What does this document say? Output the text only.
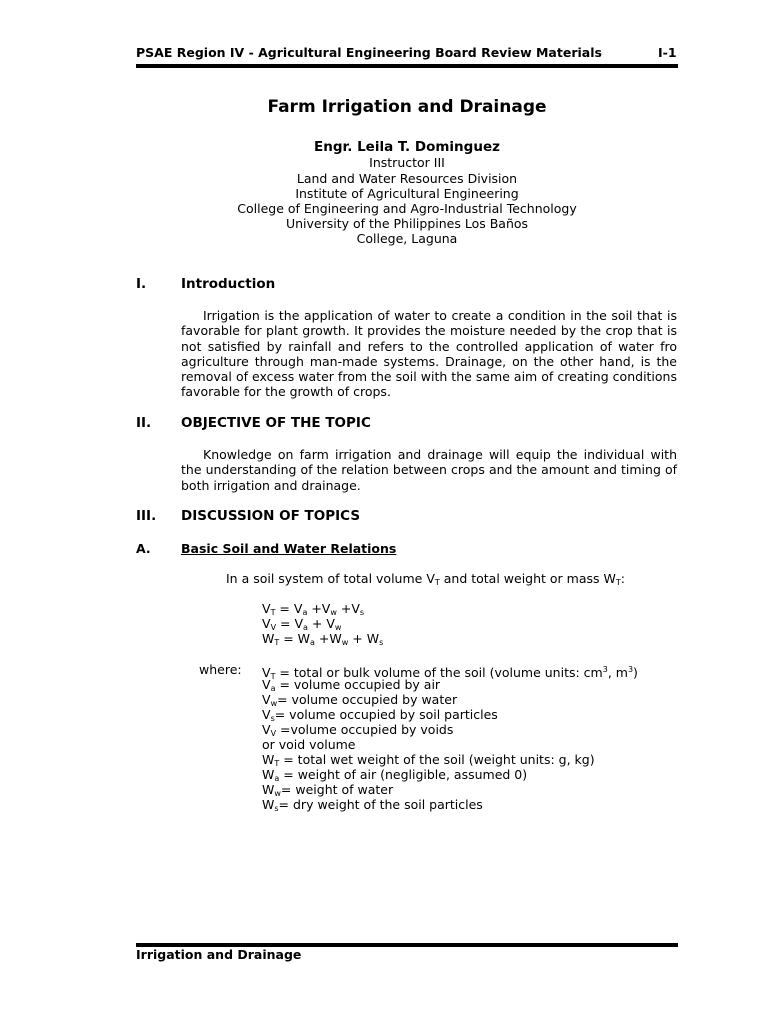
PSAE Region IV - Agricultural Engineering Board Review Materials	I-1
Farm Irrigation and Drainage
Engr. Leila T. Dominguez
Instructor III
Land and Water Resources Division
Institute of Agricultural Engineering
College of Engineering and Agro-Industrial Technology
University of the Philippines Los Baños
College, Laguna
I.	Introduction
Irrigation is the application of water to create a condition in the soil that is favorable for plant growth. It provides the moisture needed by the crop that is not satisfied by rainfall and refers to the controlled application of water fro agriculture through man-made systems. Drainage, on the other hand, is the removal of excess water from the soil with the same aim of creating conditions favorable for the growth of crops.
II. OBJECTIVE OF THE TOPIC
Knowledge on farm irrigation and drainage will equip the individual with the understanding of the relation between crops and the amount and timing of both irrigation and drainage.
III. DISCUSSION OF TOPICS
A. Basic Soil and Water Relations
In a soil system of total volume $V_T$ and total weight or mass $W_T$:
$V_T = V_a +V_w +V_s$
$V_V = V_a + V_w$
$W_T = W_a +W_w + W_s$
where: $V_T$ = total or bulk volume of the soil (volume units: $cm^3$, $m^3$)
$V_a$ = volume occupied by air
$V_w=$ volume occupied by water
$V_s=$ volume occupied by soil particles
$V_V$ =volume occupied by voids
or void volume
$W_T$ = total wet weight of the soil (weight units: g, kg)
$W_a$ = weight of air (negligible, assumed 0)
$W_w=$ weight of water
$W_s=$ dry weight of the soil particles
Irrigation and Drainage
